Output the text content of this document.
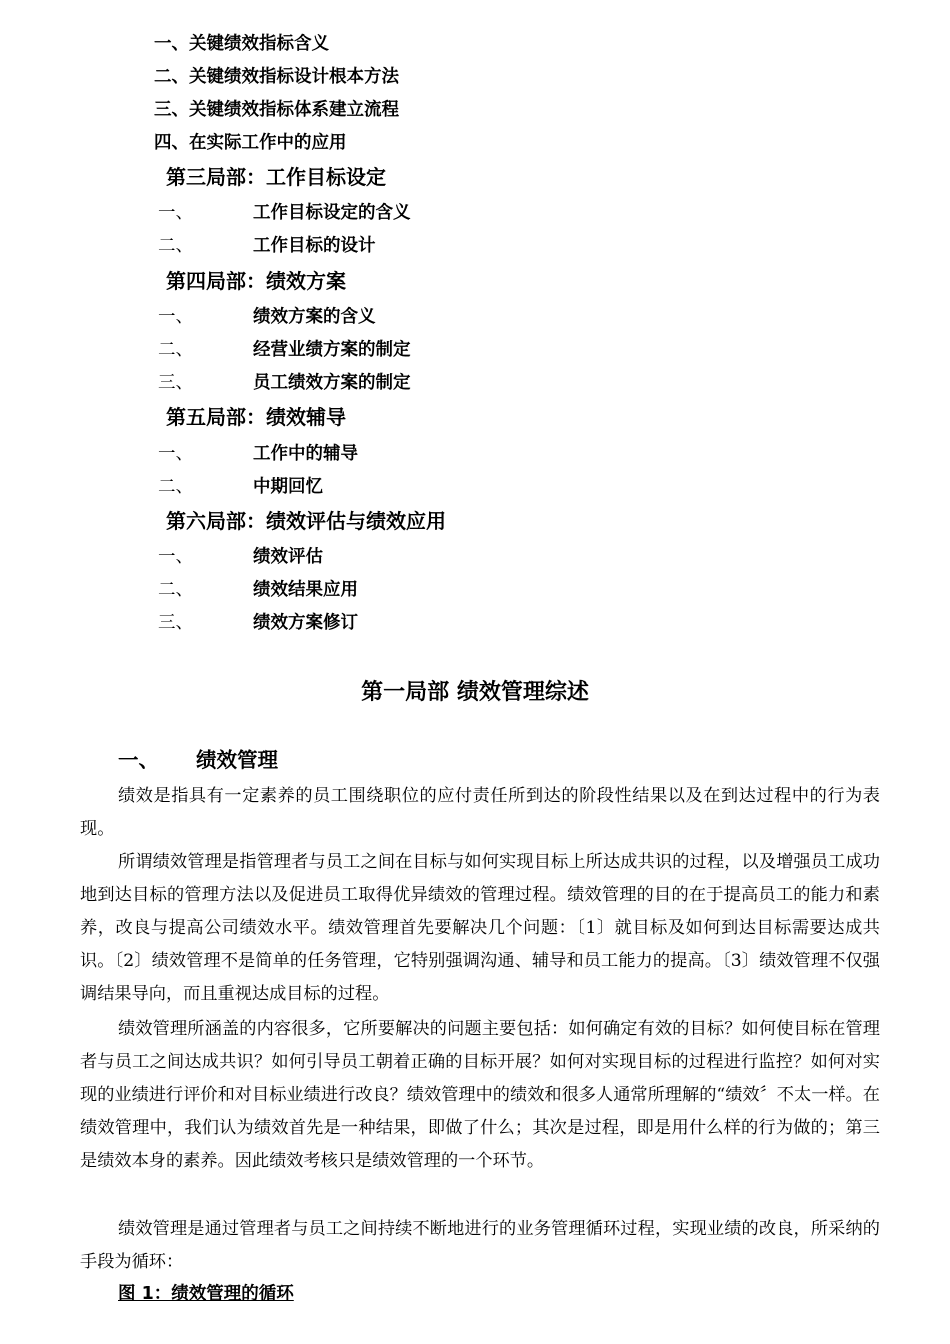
一、关键绩效指标含义
二、关键绩效指标设计根本方法
三、关键绩效指标体系建立流程
四、在实际工作中的应用
第三局部：工作目标设定
一、	工作目标设定的含义
二、	工作目标的设计
第四局部：绩效方案
一、	绩效方案的含义
二、	经营业绩方案的制定
三、	员工绩效方案的制定
第五局部：绩效辅导
一、	工作中的辅导
二、	中期回忆
第六局部：绩效评估与绩效应用
一、	绩效评估
二、	绩效结果应用
三、	绩效方案修订
第一局部 绩效管理综述
一、 绩效管理
绩效是指具有一定素养的员工围绕职位的应付责任所到达的阶段性结果以及在到达过程中的行为表现。
所谓绩效管理是指管理者与员工之间在目标与如何实现目标上所达成共识的过程，以及增强员工成功地到达目标的管理方法以及促进员工取得优异绩效的管理过程。绩效管理的目的在于提高员工的能力和素养，改良与提高公司绩效水平。绩效管理首先要解决几个问题：〔1〕就目标及如何到达目标需要达成共识。〔2〕绩效管理不是简单的任务管理，它特别强调沟通、辅导和员工能力的提高。〔3〕绩效管理不仅强调结果导向，而且重视达成目标的过程。
绩效管理所涵盖的内容很多，它所要解决的问题主要包括：如何确定有效的目标？如何使目标在管理者与员工之间达成共识？如何引导员工朝着正确的目标开展？如何对实现目标的过程进行监控？如何对实现的业绩进行评价和对目标业绩进行改良？绩效管理中的绩效和很多人通常所理解的“绩效〞不太一样。在绩效管理中，我们认为绩效首先是一种结果，即做了什么；其次是过程，即是用什么样的行为做的；第三是绩效本身的素养。因此绩效考核只是绩效管理的一个环节。
绩效管理是通过管理者与员工之间持续不断地进行的业务管理循环过程，实现业绩的改良，所采纳的手段为循环：
图 1：绩效管理的循环
